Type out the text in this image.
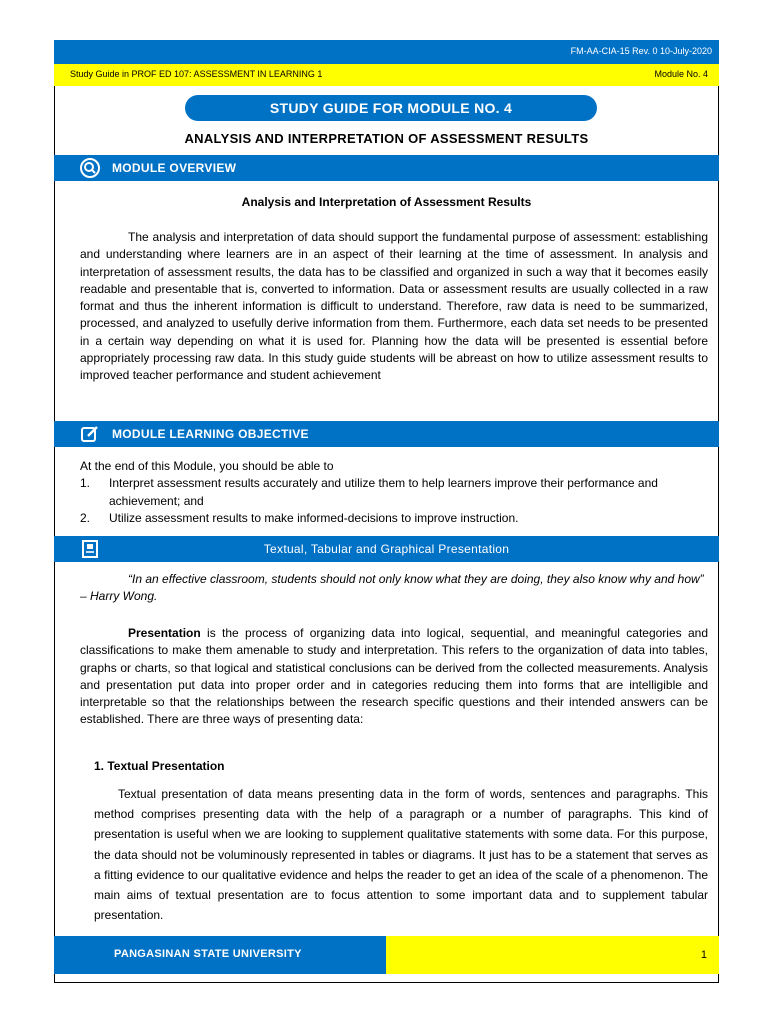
FM-AA-CIA-15 Rev. 0 10-July-2020
Study Guide in PROF ED 107: ASSESSMENT IN LEARNING 1	Module No. 4
STUDY GUIDE FOR MODULE NO. 4
ANALYSIS AND INTERPRETATION OF ASSESSMENT RESULTS
MODULE OVERVIEW
Analysis and Interpretation of Assessment Results

The analysis and interpretation of data should support the fundamental purpose of assessment: establishing and understanding where learners are in an aspect of their learning at the time of assessment. In analysis and interpretation of assessment results, the data has to be classified and organized in such a way that it becomes easily readable and presentable that is, converted to information. Data or assessment results are usually collected in a raw format and thus the inherent information is difficult to understand. Therefore, raw data is need to be summarized, processed, and analyzed to usefully derive information from them. Furthermore, each data set needs to be presented in a certain way depending on what it is used for. Planning how the data will be presented is essential before appropriately processing raw data. In this study guide students will be abreast on how to utilize assessment results to improved teacher performance and student achievement

MODULE LEARNING OBJECTIVE
At the end of this Module, you should be able to
1.	Interpret assessment results accurately and utilize them to help learners improve their performance and achievement; and
2.	Utilize assessment results to make informed-decisions to improve instruction.
Textual, Tabular and Graphical Presentation
“In an effective classroom, students should not only know what they are doing, they also know why and how” – Harry Wong.

Presentation is the process of organizing data into logical, sequential, and meaningful categories and classifications to make them amenable to study and interpretation. This refers to the organization of data into tables, graphs or charts, so that logical and statistical conclusions can be derived from the collected measurements. Analysis and presentation put data into proper order and in categories reducing them into forms that are intelligible and interpretable so that the relationships between the research specific questions and their intended answers can be established. There are three ways of presenting data:

1. Textual Presentation

Textual presentation of data means presenting data in the form of words, sentences and paragraphs. This method comprises presenting data with the help of a paragraph or a number of paragraphs. This kind of presentation is useful when we are looking to supplement qualitative statements with some data. For this purpose, the data should not be voluminously represented in tables or diagrams. It just has to be a statement that serves as a fitting evidence to our qualitative evidence and helps the reader to get an idea of the scale of a phenomenon. The main aims of textual presentation are to focus attention to some important data and to supplement tabular presentation.

PANGASINAN STATE UNIVERSITY	1
